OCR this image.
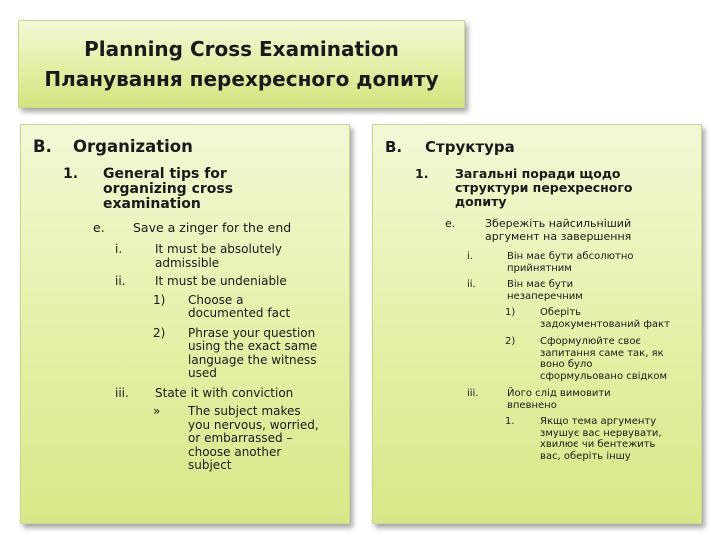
Planning Cross Examination
Планування перехресного допиту
B.	Organization
1.	General tips for organizing cross examination
e.	Save a zinger for the end
i.	It must be absolutely admissible
ii.	It must be undeniable
1)	Choose a documented fact
2)	Phrase your question using the exact same language the witness used
iii.	State it with conviction
»	The subject makes you nervous, worried, or embarrassed – choose another subject
B.	Структура
1.	Загальні поради щодо структури перехресного допиту
e.	Збережіть найсильніший аргумент на завершення
i.	Він має бути абсолютно прийнятним
ii.	Він має бути незаперечним
1)	Оберіть задокументований факт
2)	Сформулюйте своє запитання саме так, як воно було сформульовано свідком
iii.	Його слід вимовити впевнено
1.	Якщо тема аргументу змушує вас нервувати, хвилює чи бентежить вас, оберіть іншу
